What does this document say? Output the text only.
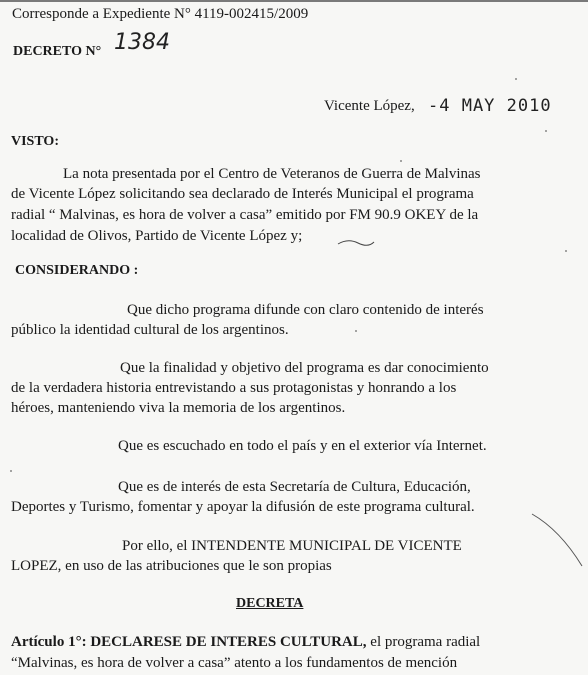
Corresponde a Expediente N° 4119-002415/2009
DECRETO N° 1384
Vicente López, -4 MAY 2010
VISTO:
La nota presentada por el Centro de Veteranos de Guerra de Malvinas
de Vicente López solicitando sea declarado de Interés Municipal el programa
radial “ Malvinas, es hora de volver a casa” emitido por FM 90.9 OKEY de la
localidad de Olivos, Partido de Vicente López y;
CONSIDERANDO :
Que dicho programa difunde con claro contenido de interés
público la identidad cultural de los argentinos.
Que la finalidad y objetivo del programa es dar conocimiento
de la verdadera historia entrevistando a sus protagonistas y honrando a los
héroes, manteniendo viva la memoria de los argentinos.
Que es escuchado en todo el país y en el exterior vía Internet.
Que es de interés de esta Secretaría de Cultura, Educación,
Deportes y Turismo, fomentar y apoyar la difusión de este programa cultural.
Por ello, el INTENDENTE MUNICIPAL DE VICENTE
LOPEZ, en uso de las atribuciones que le son propias
DECRETA
Artículo 1°: DECLARESE DE INTERES CULTURAL, el programa radial
“Malvinas, es hora de volver a casa” atento a los fundamentos de mención
